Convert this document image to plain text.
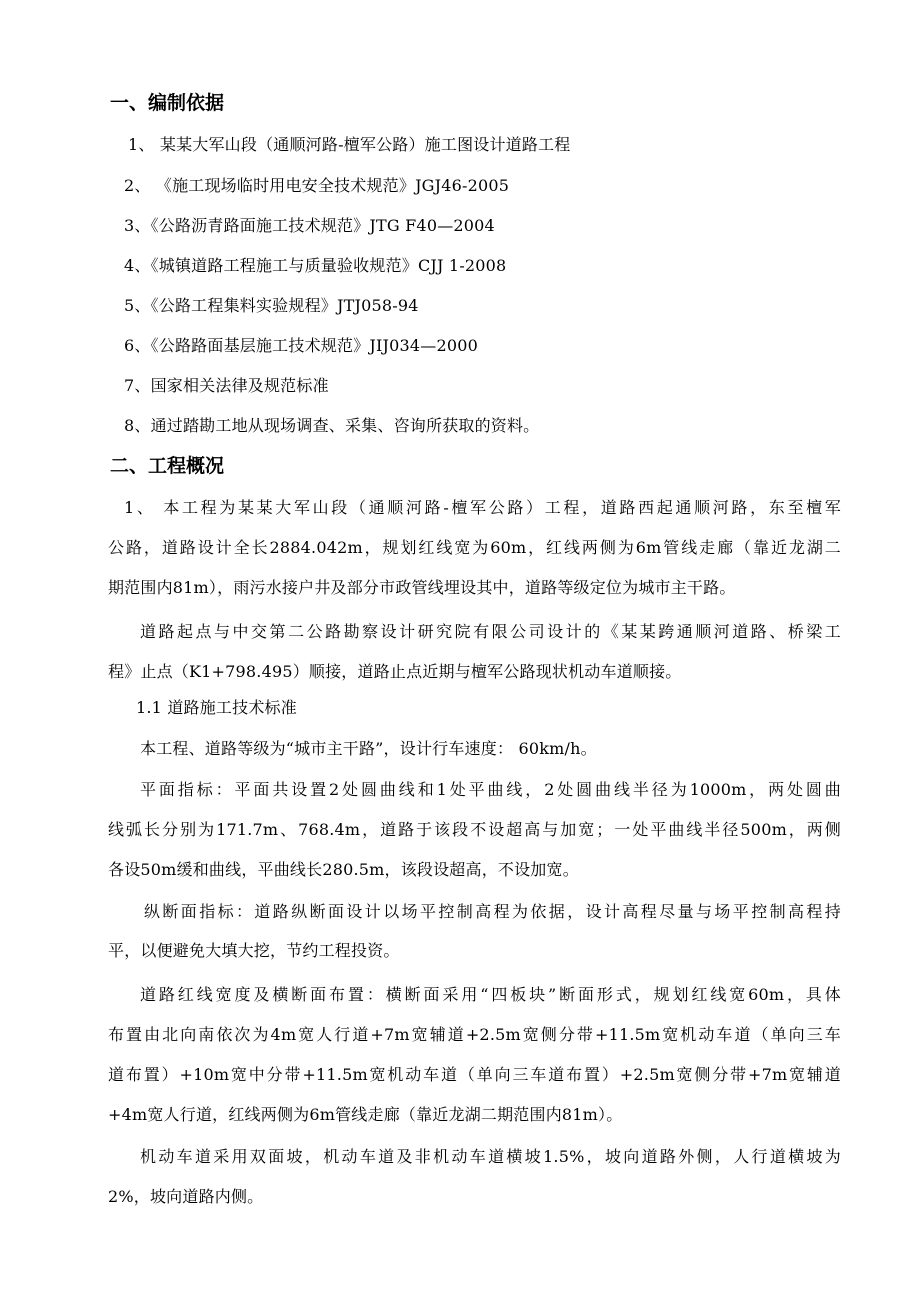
一、编制依据
1、 某某大军山段（通顺河路-檀军公路）施工图设计道路工程
2、 《施工现场临时用电安全技术规范》JGJ46-2005
3、《公路沥青路面施工技术规范》JTG F40—2004
4、《城镇道路工程施工与质量验收规范》CJJ 1-2008
5、《公路工程集料实验规程》JTJ058-94
6、《公路路面基层施工技术规范》JIJ034—2000
7、国家相关法律及规范标准
8、通过踏勘工地从现场调查、采集、咨询所获取的资料。
二、工程概况
1、 本工程为某某大军山段（通顺河路-檀军公路）工程，道路西起通顺河路，东至檀军
公路，道路设计全长2884.042m，规划红线宽为60m，红线两侧为6m管线走廊（靠近龙湖二
期范围内81m），雨污水接户井及部分市政管线埋设其中，道路等级定位为城市主干路。
道路起点与中交第二公路勘察设计研究院有限公司设计的《某某跨通顺河道路、桥梁工
程》止点（K1+798.495）顺接，道路止点近期与檀军公路现状机动车道顺接。
1.1 道路施工技术标准
本工程、道路等级为“城市主干路”，设计行车速度： 60km/h。
平面指标：平面共设置2处圆曲线和1处平曲线，2处圆曲线半径为1000m，两处圆曲
线弧长分别为171.7m、768.4m，道路于该段不设超高与加宽；一处平曲线半径500m，两侧
各设50m缓和曲线，平曲线长280.5m，该段设超高，不设加宽。
纵断面指标：道路纵断面设计以场平控制高程为依据，设计高程尽量与场平控制高程持
平，以便避免大填大挖，节约工程投资。
道路红线宽度及横断面布置：横断面采用“四板块”断面形式，规划红线宽60m，具体
布置由北向南依次为4m宽人行道+7m宽辅道+2.5m宽侧分带+11.5m宽机动车道（单向三车
道布置）+10m宽中分带+11.5m宽机动车道（单向三车道布置）+2.5m宽侧分带+7m宽辅道
+4m宽人行道，红线两侧为6m管线走廊（靠近龙湖二期范围内81m）。
机动车道采用双面坡，机动车道及非机动车道横坡1.5%，坡向道路外侧，人行道横坡为
2%，坡向道路内侧。
